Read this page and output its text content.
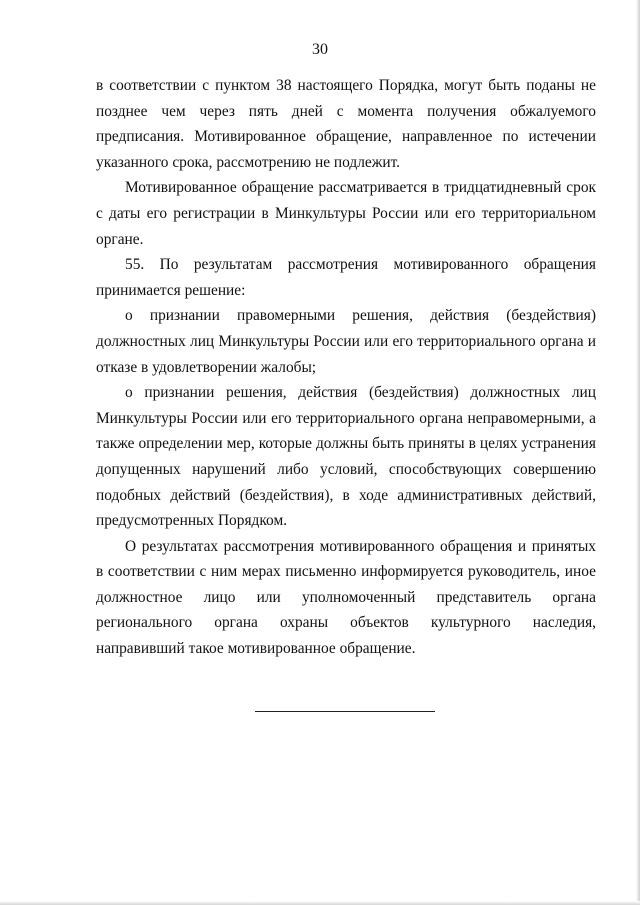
30

в соответствии с пунктом 38 настоящего Порядка, могут быть поданы не позднее чем через пять дней с момента получения обжалуемого предписания. Мотивированное обращение, направленное по истечении указанного срока, рассмотрению не подлежит.

Мотивированное обращение рассматривается в тридцатидневный срок с даты его регистрации в Минкультуры России или его территориальном органе.

55. По результатам рассмотрения мотивированного обращения принимается решение:

о признании правомерными решения, действия (бездействия) должностных лиц Минкультуры России или его территориального органа и отказе в удовлетворении жалобы;

о признании решения, действия (бездействия) должностных лиц Минкультуры России или его территориального органа неправомерными, а также определении мер, которые должны быть приняты в целях устранения допущенных нарушений либо условий, способствующих совершению подобных действий (бездействия), в ходе административных действий, предусмотренных Порядком.

О результатах рассмотрения мотивированного обращения и принятых в соответствии с ним мерах письменно информируется руководитель, иное должностное лицо или уполномоченный представитель органа регионального органа охраны объектов культурного наследия, направивший такое мотивированное обращение.
